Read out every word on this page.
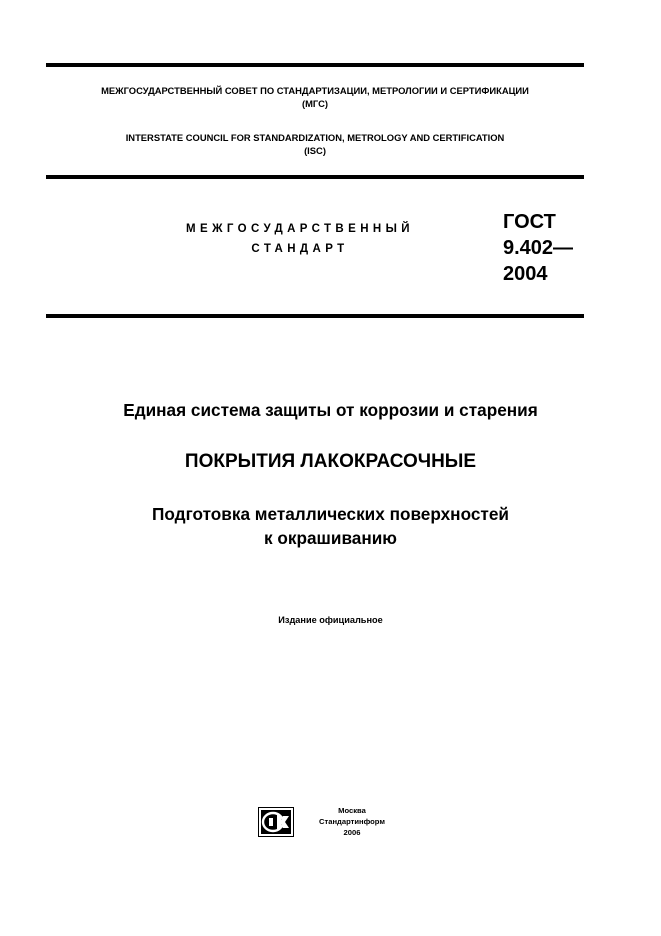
МЕЖГОСУДАРСТВЕННЫЙ СОВЕТ ПО СТАНДАРТИЗАЦИИ, МЕТРОЛОГИИ И СЕРТИФИКАЦИИ
(МГС)
INTERSTATE COUNCIL FOR STANDARDIZATION, METROLOGY AND CERTIFICATION
(ISC)
МЕЖГОСУДАРСТВЕННЫЙ
СТАНДАРТ
ГОСТ
9.402—
2004
Единая система защиты от коррозии и старения
ПОКРЫТИЯ ЛАКОКРАСОЧНЫЕ
Подготовка металлических поверхностей
к окрашиванию
Издание официальное
Москва
Стандартинформ
2006
